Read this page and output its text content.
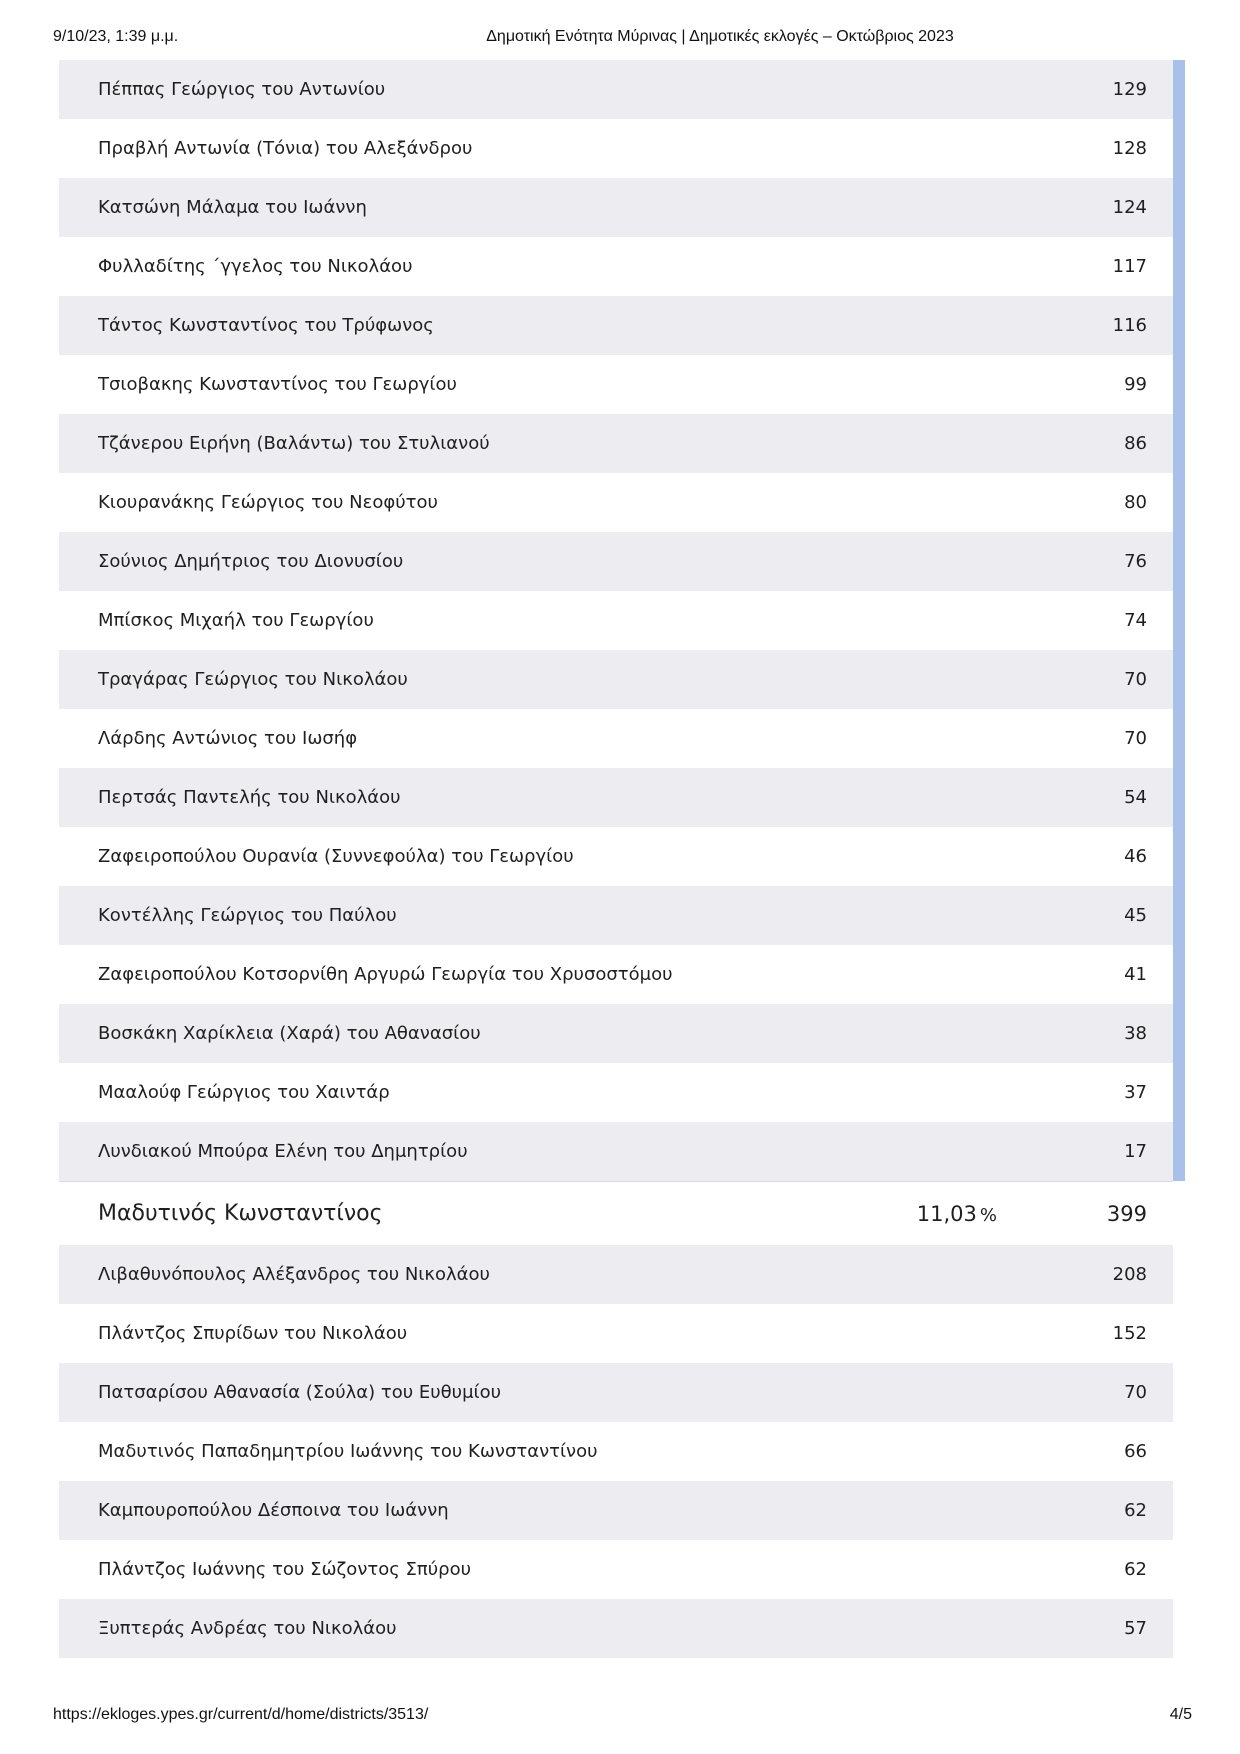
9/10/23, 1:39 μ.μ.	Δημοτική Ενότητα Μύρινας | Δημοτικές εκλογές – Οκτώβριος 2023
Πέππας Γεώργιος του Αντωνίου	129
Πραβλή Αντωνία (Τόνια) του Αλεξάνδρου	128
Κατσώνη Μάλαμα του Ιωάννη	124
Φυλλαδίτης ΄γγελος του Νικολάου	117
Τάντος Κωνσταντίνος του Τρύφωνος	116
Τσιοβακης Κωνσταντίνος του Γεωργίου	99
Τζάνερου Ειρήνη (Βαλάντω) του Στυλιανού	86
Κιουρανάκης Γεώργιος του Νεοφύτου	80
Σούνιος Δημήτριος του Διονυσίου	76
Μπίσκος Μιχαήλ του Γεωργίου	74
Τραγάρας Γεώργιος του Νικολάου	70
Λάρδης Αντώνιος του Ιωσήφ	70
Περτσάς Παντελής του Νικολάου	54
Ζαφειροπούλου Ουρανία (Συννεφούλα) του Γεωργίου	46
Κοντέλλης Γεώργιος του Παύλου	45
Ζαφειροπούλου Κοτσορνίθη Αργυρώ Γεωργία του Χρυσοστόμου	41
Βοσκάκη Χαρίκλεια (Χαρά) του Αθανασίου	38
Μααλούφ Γεώργιος του Χαιντάρ	37
Λυνδιακού Μπούρα Ελένη του Δημητρίου	17
Μαδυτινός Κωνσταντίνος	11,03 %	399
Λιβαθυνόπουλος Αλέξανδρος του Νικολάου	208
Πλάντζος Σπυρίδων του Νικολάου	152
Πατσαρίσου Αθανασία (Σούλα) του Ευθυμίου	70
Μαδυτινός Παπαδημητρίου Ιωάννης του Κωνσταντίνου	66
Καμπουροπούλου Δέσποινα του Ιωάννη	62
Πλάντζος Ιωάννης του Σώζοντος Σπύρου	62
Ξυπτεράς Ανδρέας του Νικολάου	57
https://ekloges.ypes.gr/current/d/home/districts/3513/	4/5
